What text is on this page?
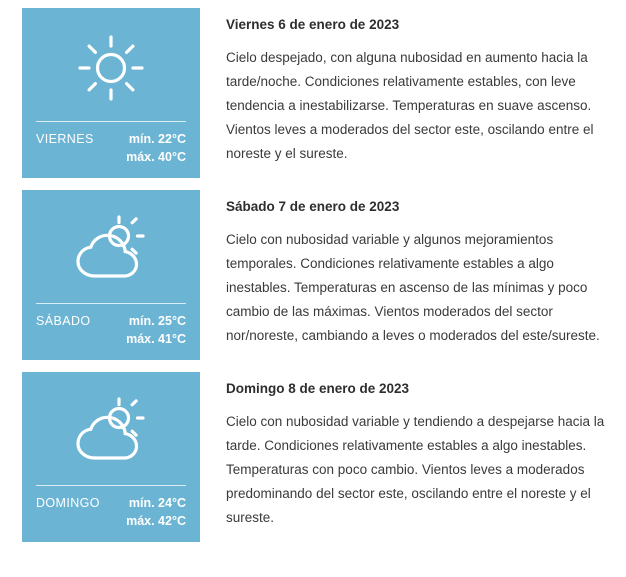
VIERNES	mín. 22°C
máx. 40°C
Viernes 6 de enero de 2023

Cielo despejado, con alguna nubosidad en aumento hacia la tarde/noche. Condiciones relativamente estables, con leve tendencia a inestabilizarse. Temperaturas en suave ascenso. Vientos leves a moderados del sector este, oscilando entre el noreste y el sureste.

SÁBADO	mín. 25°C
máx. 41°C
Sábado 7 de enero de 2023

Cielo con nubosidad variable y algunos mejoramientos temporales. Condiciones relativamente estables a algo inestables. Temperaturas en ascenso de las mínimas y poco cambio de las máximas. Vientos moderados del sector nor/noreste, cambiando a leves o moderados del este/sureste.

DOMINGO mín. 24°C
máx. 42°C
Domingo 8 de enero de 2023

Cielo con nubosidad variable y tendiendo a despejarse hacia la tarde. Condiciones relativamente estables a algo inestables. Temperaturas con poco cambio. Vientos leves a moderados predominando del sector este, oscilando entre el noreste y el sureste.
